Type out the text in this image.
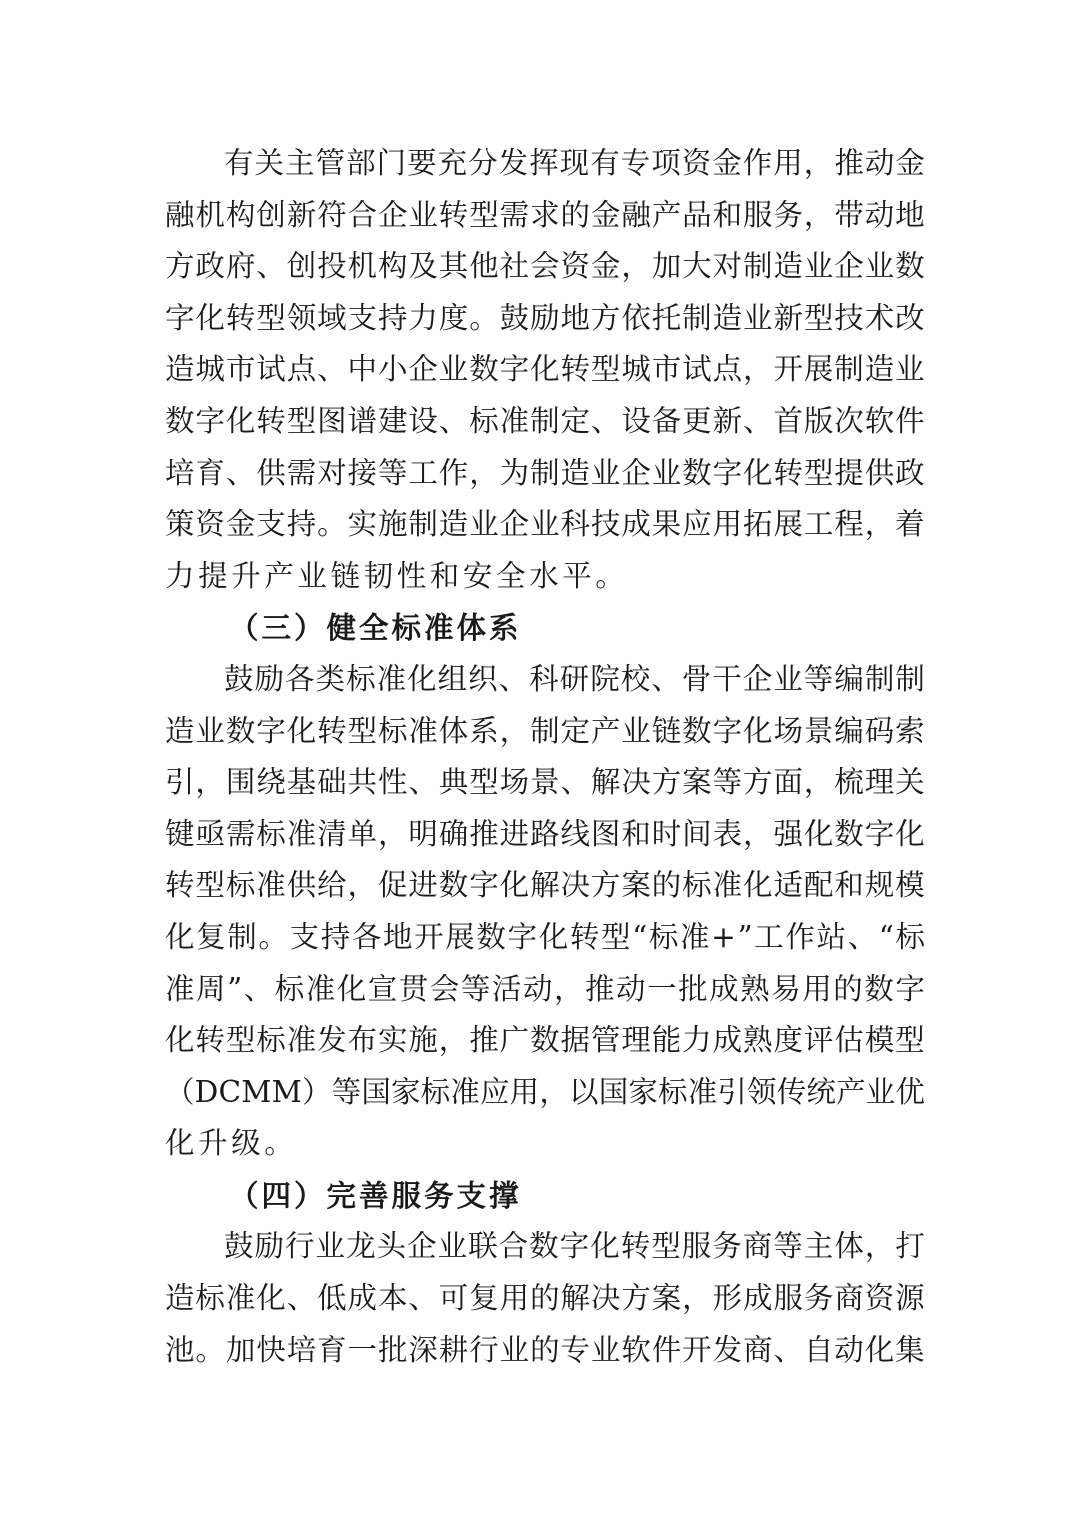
有 关 主 管 部 门 要 充 分 发 挥 现 有 专 项 资 金 作 用 ， 推 动 金
融 机 构 创 新 符 合 企 业 转 型 需 求 的 金 融 产 品 和 服 务 ， 带 动 地
方 政 府 、 创 投 机 构 及 其 他 社 会 资 金 ， 加 大 对 制 造 业 企 业 数
字 化 转 型 领 域 支 持 力 度 。 鼓 励 地 方 依 托 制 造 业 新 型 技 术 改
造 城 市 试 点 、 中 小 企 业 数 字 化 转 型 城 市 试 点 ， 开 展 制 造 业
数 字 化 转 型 图 谱 建 设 、 标 准 制 定 、 设 备 更 新 、 首 版 次 软 件
培 育 、 供 需 对 接 等 工 作 ， 为 制 造 业 企 业 数 字 化 转 型 提 供 政
策 资 金 支 持 。 实 施 制 造 业 企 业 科 技 成 果 应 用 拓 展 工 程 ， 着
力提升产业链韧性和安全水平。
（三）健全标准体系
鼓 励 各 类 标 准 化 组 织 、 科 研 院 校 、 骨 干 企 业 等 编 制 制
造 业 数 字 化 转 型 标 准 体 系 ， 制 定 产 业 链 数 字 化 场 景 编 码 索
引 ， 围 绕 基 础 共 性 、 典 型 场 景 、 解 决 方 案 等 方 面 ， 梳 理 关
键 亟 需 标 准 清 单 ， 明 确 推 进 路 线 图 和 时 间 表 ， 强 化 数 字 化
转 型 标 准 供 给 ， 促 进 数 字 化 解 决 方 案 的 标 准 化 适 配 和 规 模
化 复 制 。 支 持 各 地 开 展 数 字 化 转 型 “ 标 准 + ” 工 作 站 、 “ 标
准 周 ” 、 标 准 化 宣 贯 会 等 活 动 ， 推 动 一 批 成 熟 易 用 的 数 字
化 转 型 标 准 发 布 实 施 ， 推 广 数 据 管 理 能 力 成 熟 度 评 估 模 型
（ D C M M ） 等 国 家 标 准 应 用 ， 以 国 家 标 准 引 领 传 统 产 业 优
化升级。
（四）完善服务支撑
鼓 励 行 业 龙 头 企 业 联 合 数 字 化 转 型 服 务 商 等 主 体 ， 打
造 标 准 化 、 低 成 本 、 可 复 用 的 解 决 方 案 ， 形 成 服 务 商 资 源
池 。 加 快 培 育 一 批 深 耕 行 业 的 专 业 软 件 开 发 商 、 自 动 化 集
